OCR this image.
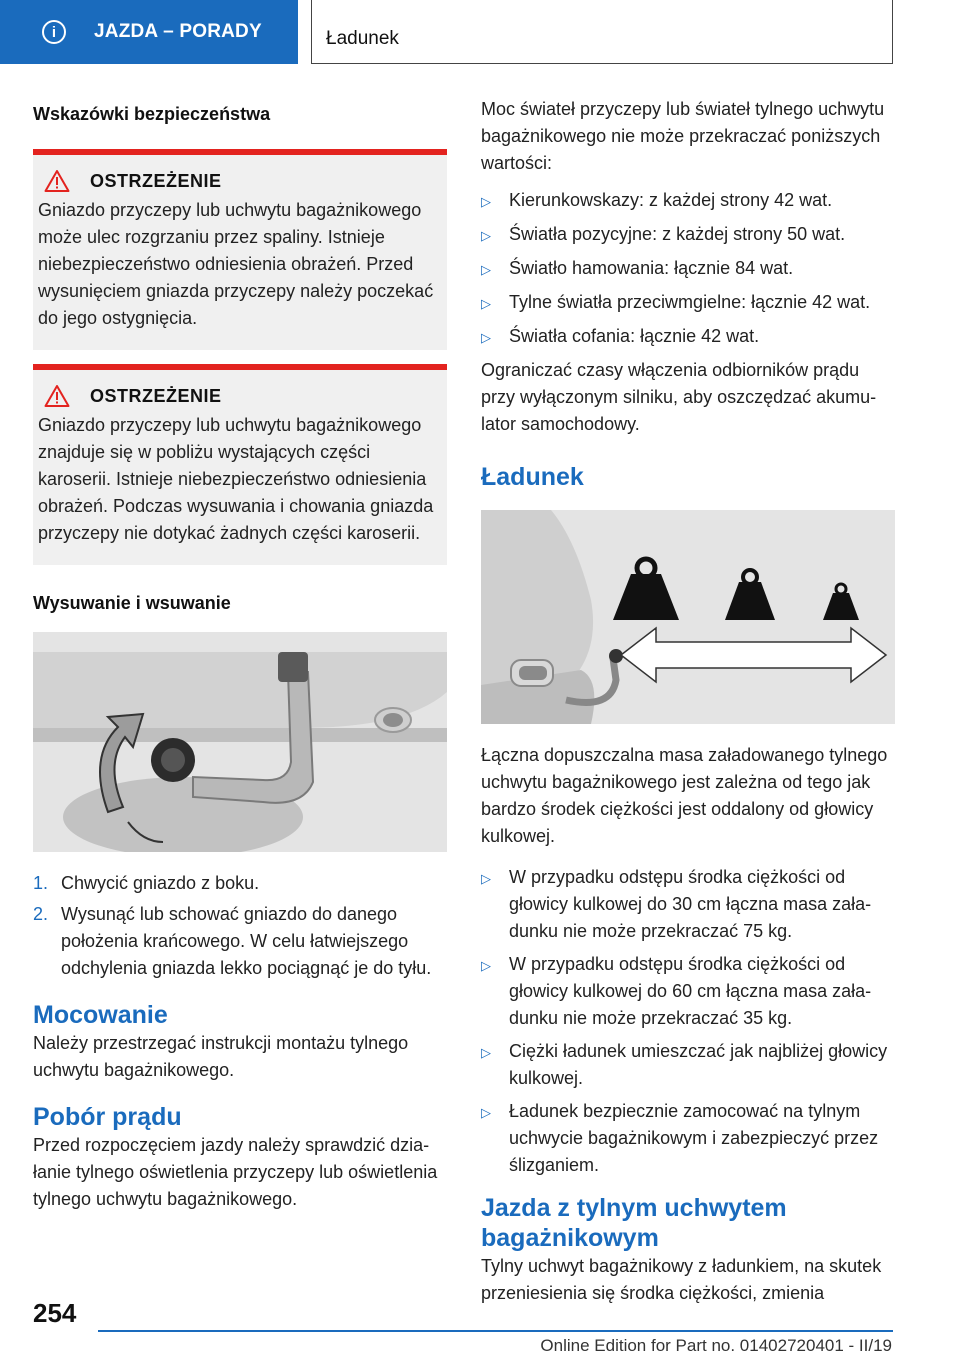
i	JAZDA – PORADY	Ładunek

Wskazówki bezpieczeństwa

OSTRZEŻENIE

Gniazdo przyczepy lub uchwytu bagażnikowego może ulec rozgrzaniu przez spaliny. Istnieje niebezpieczeństwo odniesienia obrażeń. Przed wysunięciem gniazda przyczepy należy poczekać do jego ostygnięcia.

OSTRZEŻENIE

Gniazdo przyczepy lub uchwytu bagażnikowego znajduje się w pobliżu wystających części karoserii. Istnieje niebezpieczeństwo odniesienia obrażeń. Podczas wysuwania i chowania gniazda przyczepy nie dotykać żadnych części karoserii.

Wysuwanie i wsuwanie

1. Chwycić gniazdo z boku.
2. Wysunąć lub schować gniazdo do danego położenia krańcowego. W celu łatwiejszego odchylenia gniazda lekko pociągnąć je do tyłu.

Mocowanie

Należy przestrzegać instrukcji montażu tylnego uchwytu bagażnikowego.

Pobór prądu

Przed rozpoczęciem jazdy należy sprawdzić działanie tylnego oświetlenia przyczepy lub oświetlenia tylnego uchwytu bagażnikowego.

Moc świateł przyczepy lub świateł tylnego uchwytu bagażnikowego nie może przekraczać poniższych wartości:

▷	Kierunkowskazy: z każdej strony 42 wat.
▷	Światła pozycyjne: z każdej strony 50 wat.
▷	Światło hamowania: łącznie 84 wat.
▷	Tylne światła przeciwmgielne: łącznie 42 wat.
▷	Światła cofania: łącznie 42 wat.

Ograniczać czasy włączenia odbiorników prądu przy wyłączonym silniku, aby oszczędzać akumulator samochodowy.

Ładunek

Łączna dopuszczalna masa załadowanego tylnego uchwytu bagażnikowego jest zależna od tego jak bardzo środek ciężkości jest oddalony od głowicy kulkowej.

▷	W przypadku odstępu środka ciężkości od głowicy kulkowej do 30 cm łączna masa załadunku nie może przekraczać 75 kg.
▷	W przypadku odstępu środka ciężkości od głowicy kulkowej do 60 cm łączna masa załadunku nie może przekraczać 35 kg.
▷	Ciężki ładunek umieszczać jak najbliżej głowicy kulkowej.
▷	Ładunek bezpiecznie zamocować na tylnym uchwycie bagażnikowym i zabezpieczyć przez ślizganiem.

Jazda z tylnym uchwytem bagażnikowym

Tylny uchwyt bagażnikowy z ładunkiem, na skutek przeniesienia się środka ciężkości, zmienia

254
Online Edition for Part no. 01402720401 - II/19
